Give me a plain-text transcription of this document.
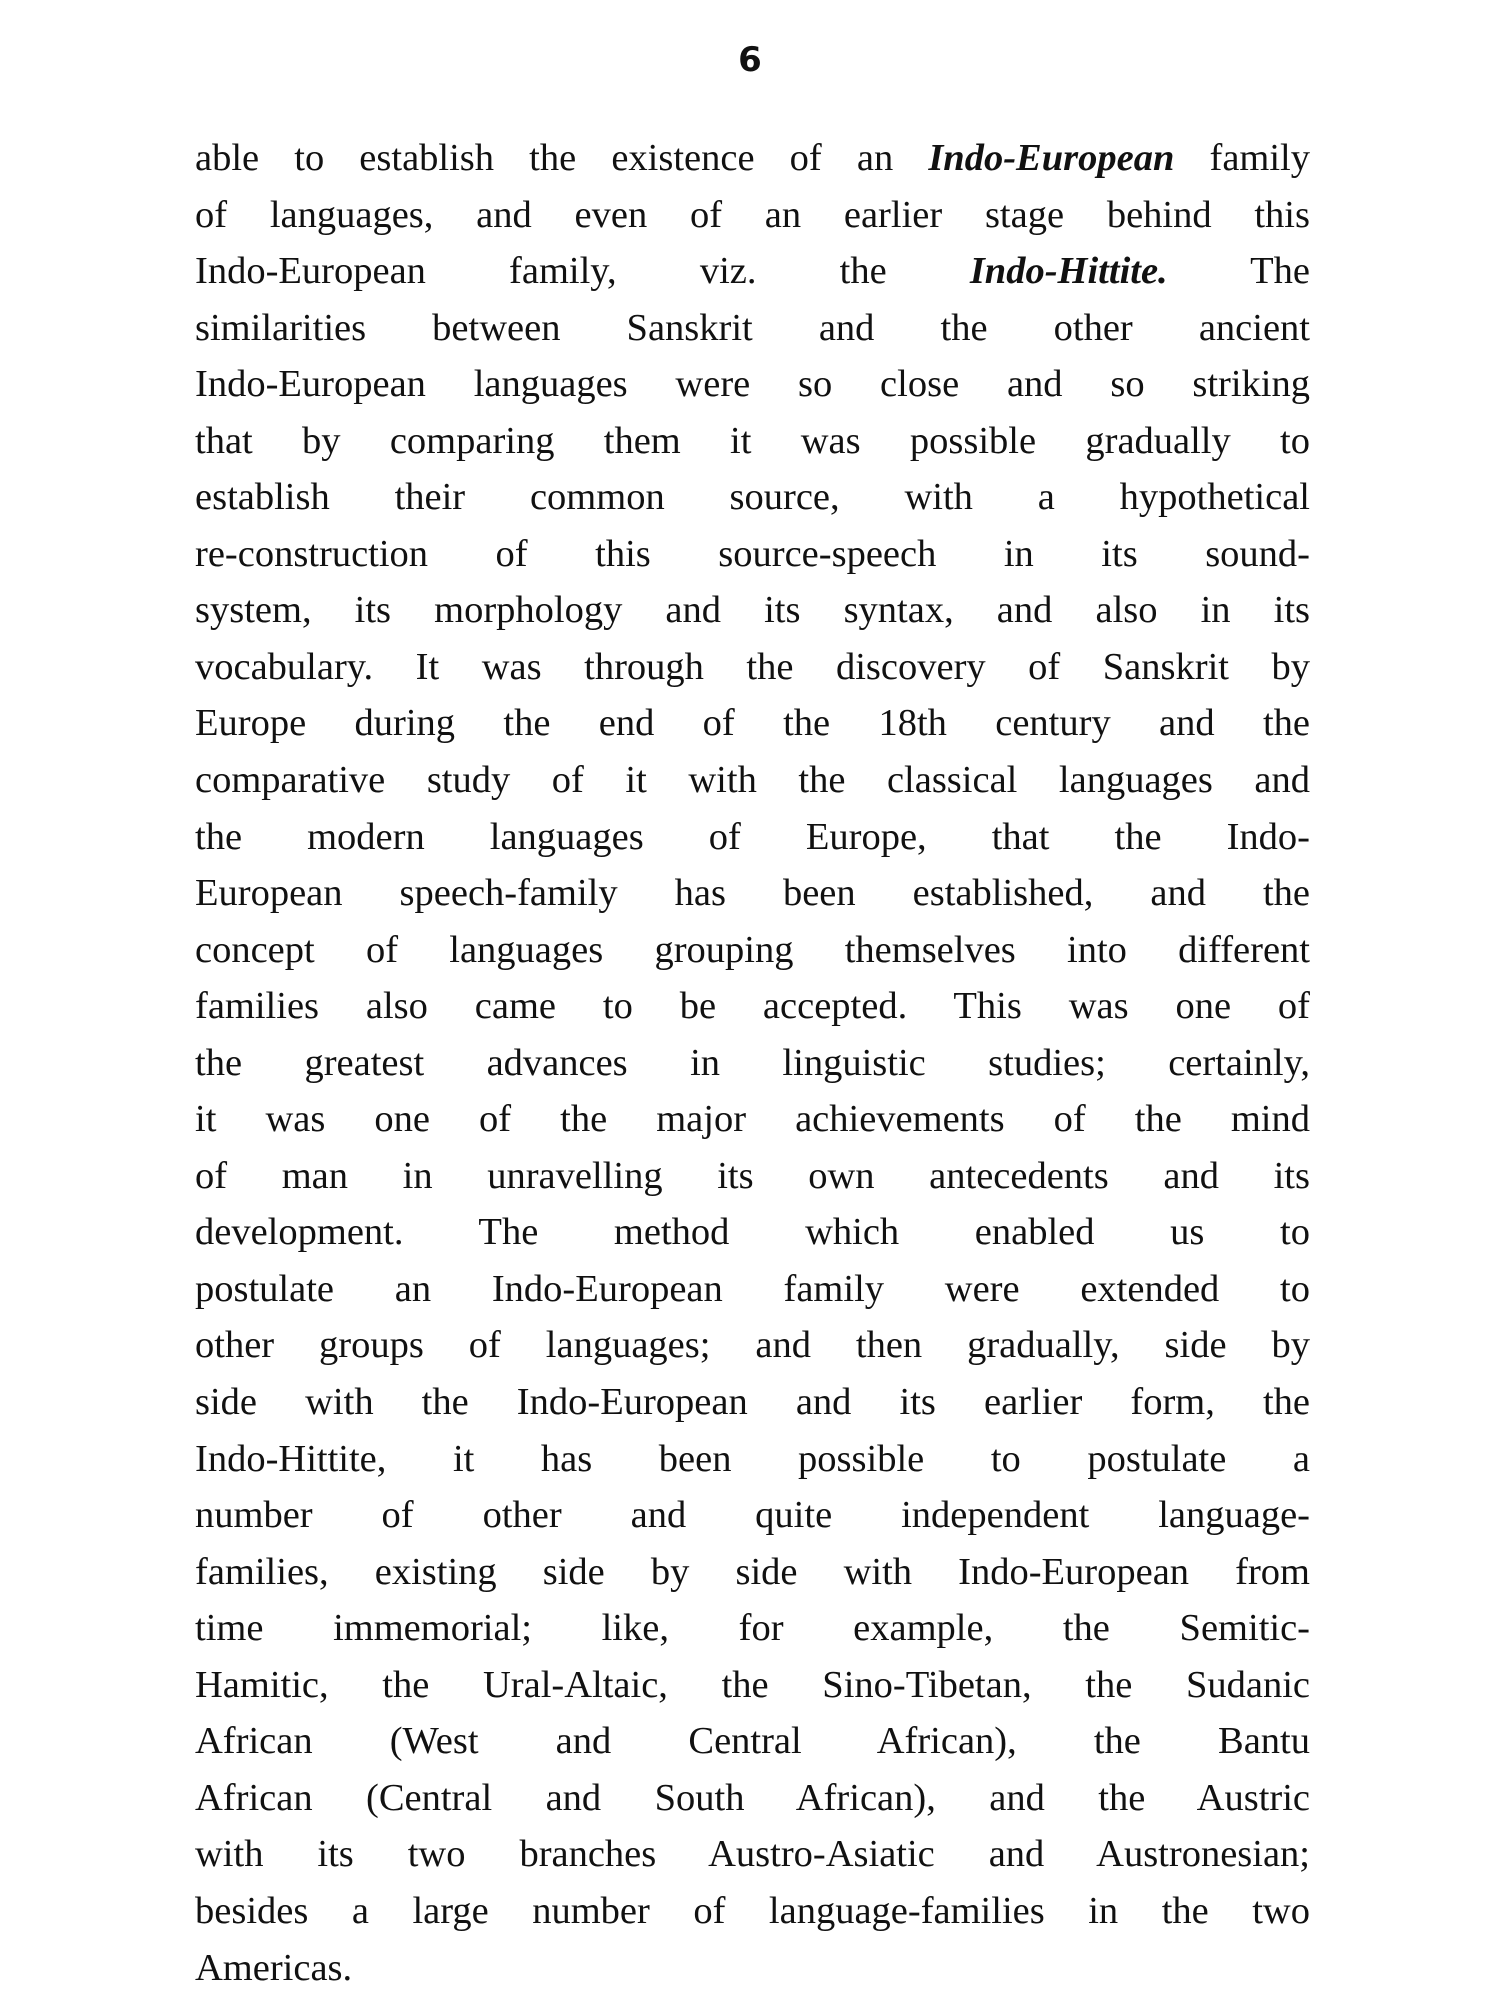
6
able to establish the existence of an Indo-European family
of languages, and even of an earlier stage behind this
Indo-European family, viz. the Indo-Hittite. The
similarities between Sanskrit and the other ancient
Indo-European languages were so close and so striking
that by comparing them it was possible gradually to
establish their common source, with a hypothetical
re-construction of this source-speech in its sound-
system, its morphology and its syntax, and also in its
vocabulary. It was through the discovery of Sanskrit by
Europe during the end of the 18th century and the
comparative study of it with the classical languages and
the modern languages of Europe, that the Indo-
European speech-family has been established, and the
concept of languages grouping themselves into different
families also came to be accepted. This was one of
the greatest advances in linguistic studies; certainly,
it was one of the major achievements of the mind
of man in unravelling its own antecedents and its
development. The method which enabled us to
postulate an Indo-European family were extended to
other groups of languages; and then gradually, side by
side with the Indo-European and its earlier form, the
Indo-Hittite, it has been possible to postulate a
number of other and quite independent language-
families, existing side by side with Indo-European from
time immemorial; like, for example, the Semitic-
Hamitic, the Ural-Altaic, the Sino-Tibetan, the Sudanic
African (West and Central African), the Bantu
African (Central and South African), and the Austric
with its two branches Austro-Asiatic and Austronesian;
besides a large number of language-families in the two
Americas.
